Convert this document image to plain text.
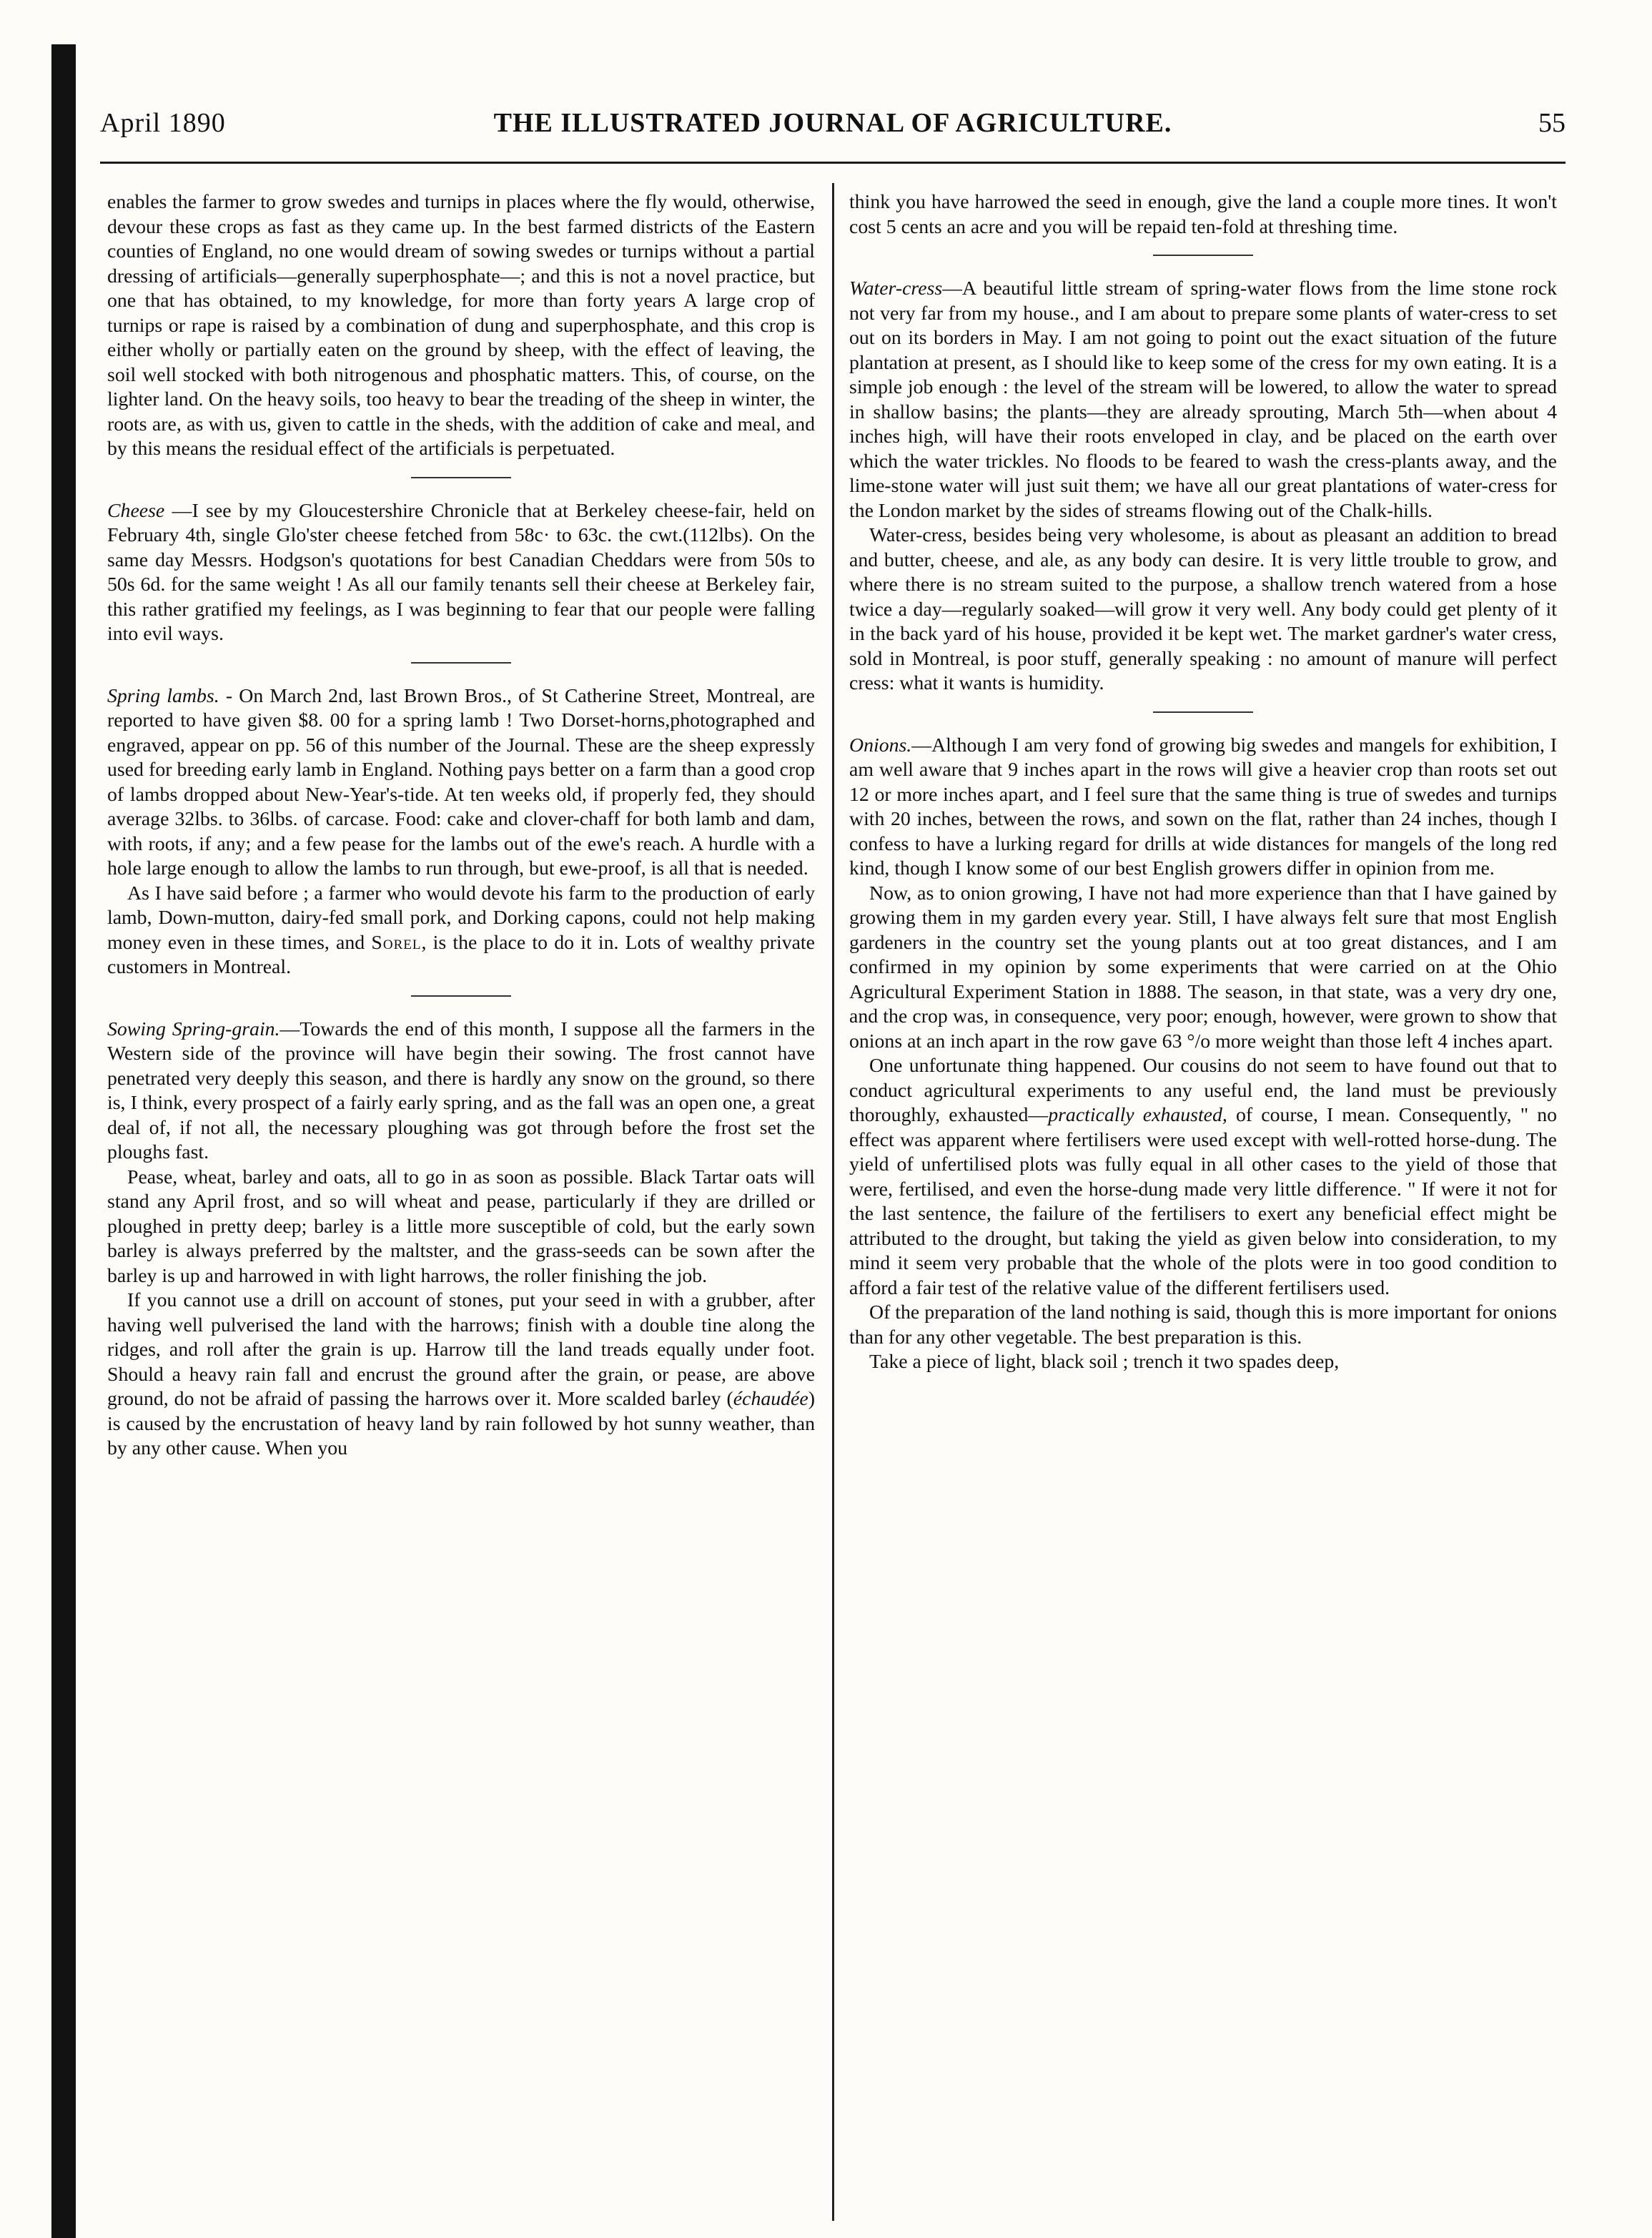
April 1890	THE ILLUSTRATED JOURNAL OF AGRICULTURE.	55

enables the farmer to grow swedes and turnips in places where the fly would, otherwise, devour these crops as fast as they came up. In the best farmed districts of the Eastern counties of England, no one would dream of sowing swedes or turnips without a partial dressing of artificials—generally superphosphate—; and this is not a novel practice, but one that has obtained, to my knowledge, for more than forty years A large crop of turnips or rape is raised by a combination of dung and superphosphate, and this crop is either wholly or partially eaten on the ground by sheep, with the effect of leaving, the soil well stocked with both nitrogenous and phosphatic matters. This, of course, on the lighter land. On the heavy soils, too heavy to bear the treading of the sheep in winter, the roots are, as with us, given to cattle in the sheds, with the addition of cake and meal, and by this means the residual effect of the artificials is perpetuated.

Cheese —I see by my Gloucestershire Chronicle that at Berkeley cheese-fair, held on February 4th, single Glo'ster cheese fetched from 58c· to 63c. the cwt.(112lbs). On the same day Messrs. Hodgson's quotations for best Canadian Cheddars were from 50s to 50s 6d. for the same weight ! As all our family tenants sell their cheese at Berkeley fair, this rather gratified my feelings, as I was beginning to fear that our people were falling into evil ways.

Spring lambs. - On March 2nd, last Brown Bros., of St Catherine Street, Montreal, are reported to have given $8. 00 for a spring lamb ! Two Dorset-horns,photographed and engraved, appear on pp. 56 of this number of the Journal. These are the sheep expressly used for breeding early lamb in England. Nothing pays better on a farm than a good crop of lambs dropped about New-Year's-tide. At ten weeks old, if properly fed, they should average 32lbs. to 36lbs. of carcase. Food: cake and clover-chaff for both lamb and dam, with roots, if any; and a few pease for the lambs out of the ewe's reach. A hurdle with a hole large enough to allow the lambs to run through, but ewe-proof, is all that is needed.

As I have said before ; a farmer who would devote his farm to the production of early lamb, Down-mutton, dairy-fed small pork, and Dorking capons, could not help making money even in these times, and Sorel, is the place to do it in. Lots of wealthy private customers in Montreal.

Sowing Spring-grain.—Towards the end of this month, I suppose all the farmers in the Western side of the province will have begin their sowing. The frost cannot have penetrated very deeply this season, and there is hardly any snow on the ground, so there is, I think, every prospect of a fairly early spring, and as the fall was an open one, a great deal of, if not all, the necessary ploughing was got through before the frost set the ploughs fast.

Pease, wheat, barley and oats, all to go in as soon as possible. Black Tartar oats will stand any April frost, and so will wheat and pease, particularly if they are drilled or ploughed in pretty deep; barley is a little more susceptible of cold, but the early sown barley is always preferred by the maltster, and the grass-seeds can be sown after the barley is up and harrowed in with light harrows, the roller finishing the job.

If you cannot use a drill on account of stones, put your seed in with a grubber, after having well pulverised the land with the harrows; finish with a double tine along the ridges, and roll after the grain is up. Harrow till the land treads equally under foot. Should a heavy rain fall and encrust the ground after the grain, or pease, are above ground, do not be afraid of passing the harrows over it. More scalded barley (échaudée) is caused by the encrustation of heavy land by rain followed by hot sunny weather, than by any other cause. When you

think you have harrowed the seed in enough, give the land a couple more tines. It won't cost 5 cents an acre and you will be repaid ten-fold at threshing time.

Water-cress—A beautiful little stream of spring-water flows from the lime stone rock not very far from my house., and I am about to prepare some plants of water-cress to set out on its borders in May. I am not going to point out the exact situation of the future plantation at present, as I should like to keep some of the cress for my own eating. It is a simple job enough : the level of the stream will be lowered, to allow the water to spread in shallow basins; the plants—they are already sprouting, March 5th—when about 4 inches high, will have their roots enveloped in clay, and be placed on the earth over which the water trickles. No floods to be feared to wash the cress-plants away, and the lime-stone water will just suit them; we have all our great plantations of water-cress for the London market by the sides of streams flowing out of the Chalk-hills.

Water-cress, besides being very wholesome, is about as pleasant an addition to bread and butter, cheese, and ale, as any body can desire. It is very little trouble to grow, and where there is no stream suited to the purpose, a shallow trench watered from a hose twice a day—regularly soaked—will grow it very well. Any body could get plenty of it in the back yard of his house, provided it be kept wet. The market gardner's water cress, sold in Montreal, is poor stuff, generally speaking : no amount of manure will perfect cress: what it wants is humidity.

Onions.—Although I am very fond of growing big swedes and mangels for exhibition, I am well aware that 9 inches apart in the rows will give a heavier crop than roots set out 12 or more inches apart, and I feel sure that the same thing is true of swedes and turnips with 20 inches, between the rows, and sown on the flat, rather than 24 inches, though I confess to have a lurking regard for drills at wide distances for mangels of the long red kind, though I know some of our best English growers differ in opinion from me.

Now, as to onion growing, I have not had more experience than that I have gained by growing them in my garden every year. Still, I have always felt sure that most English gardeners in the country set the young plants out at too great distances, and I am confirmed in my opinion by some experiments that were carried on at the Ohio Agricultural Experiment Station in 1888. The season, in that state, was a very dry one, and the crop was, in consequence, very poor; enough, however, were grown to show that onions at an inch apart in the row gave 63 °/o more weight than those left 4 inches apart.

One unfortunate thing happened. Our cousins do not seem to have found out that to conduct agricultural experiments to any useful end, the land must be previously thoroughly, exhausted—practically exhausted, of course, I mean. Consequently, " no effect was apparent where fertilisers were used except with well-rotted horse-dung. The yield of unfertilised plots was fully equal in all other cases to the yield of those that were, fertilised, and even the horse-dung made very little difference. " If were it not for the last sentence, the failure of the fertilisers to exert any beneficial effect might be attributed to the drought, but taking the yield as given below into consideration, to my mind it seem very probable that the whole of the plots were in too good condition to afford a fair test of the relative value of the different fertilisers used.

Of the preparation of the land nothing is said, though this is more important for onions than for any other vegetable. The best preparation is this.

Take a piece of light, black soil ; trench it two spades deep,
